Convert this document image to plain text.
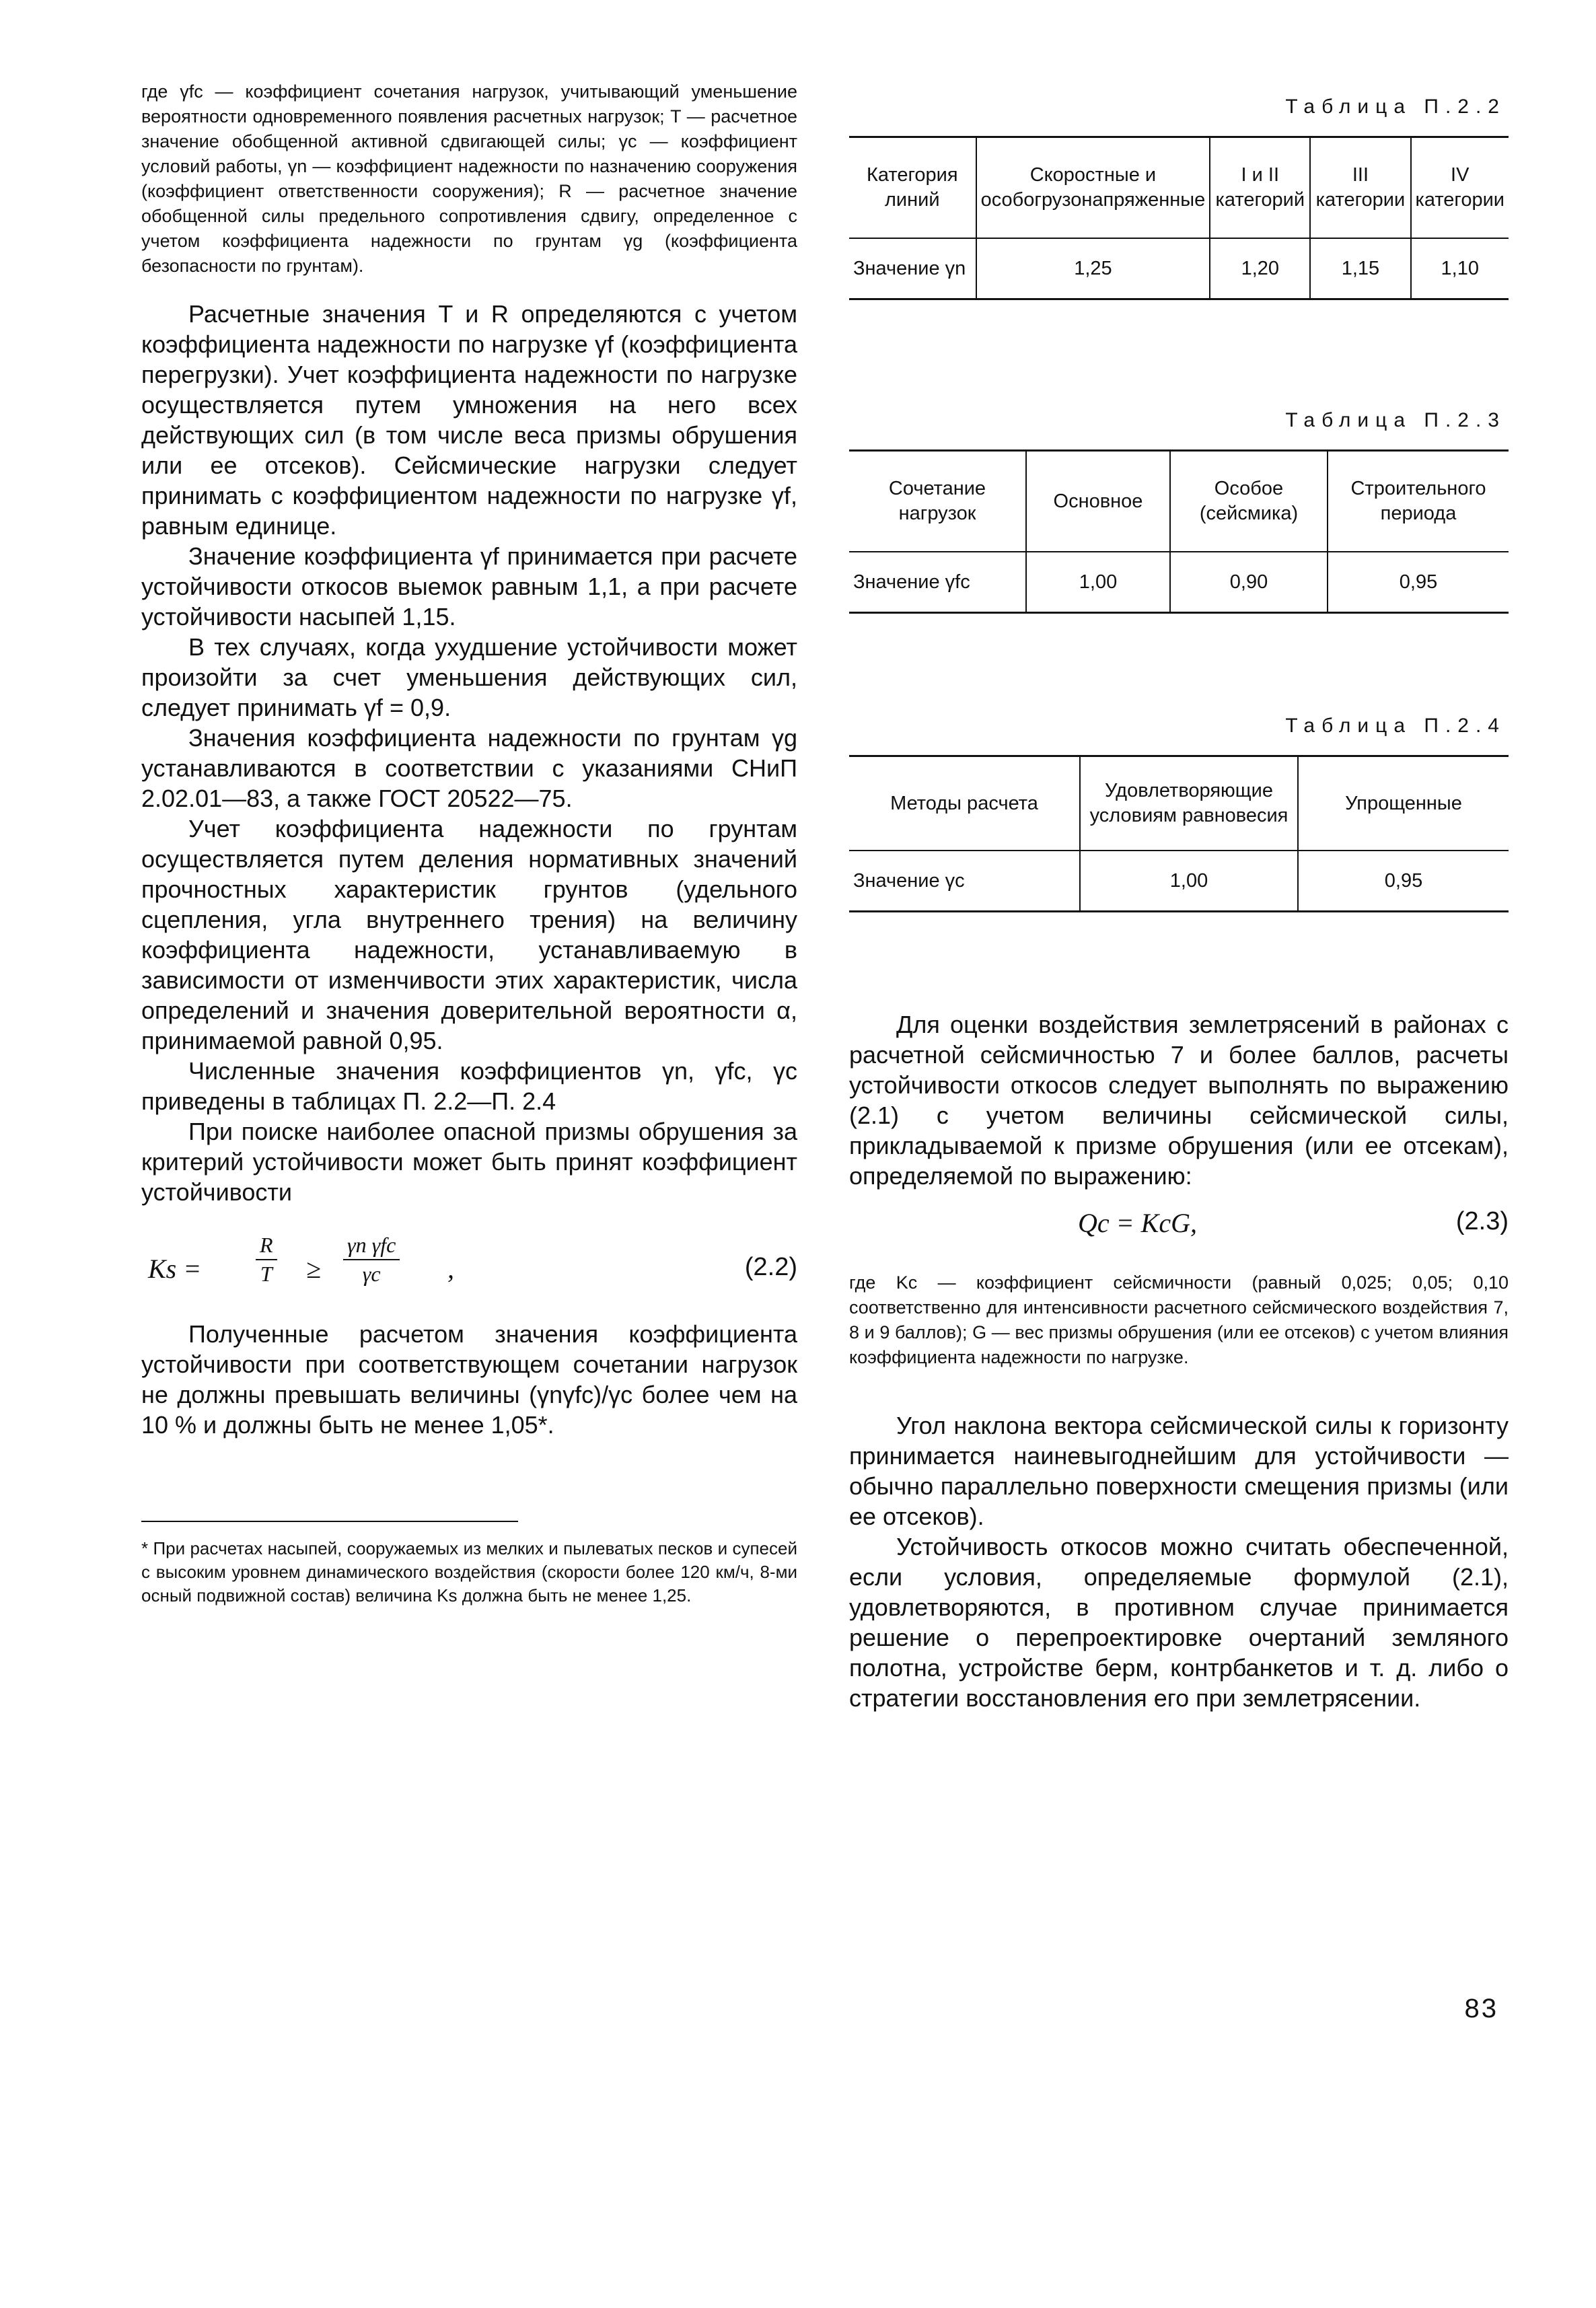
где γfc — коэффициент сочетания нагрузок, учитывающий уменьшение вероятности одновременного появления расчетных нагрузок; T — расчетное значение обобщенной активной сдвигающей силы; γc — коэффициент условий работы, γn — коэффициент надежности по назначению сооружения (коэффициент ответственности сооружения); R — расчетное значение обобщенной силы предельного сопротивления сдвигу, определенное с учетом коэффициента надежности по грунтам γg (коэффициента безопасности по грунтам).

Расчетные значения T и R определяются с учетом коэффициента надежности по нагрузке γf (коэффициента перегрузки). Учет коэффициента надежности по нагрузке осуществляется путем умножения на него всех действующих сил (в том числе веса призмы обрушения или ее отсеков). Сейсмические нагрузки следует принимать с коэффициентом надежности по нагрузке γf, равным единице.

Значение коэффициента γf принимается при расчете устойчивости откосов выемок равным 1,1, а при расчете устойчивости насыпей 1,15.

В тех случаях, когда ухудшение устойчивости может произойти за счет уменьшения действующих сил, следует принимать γf = 0,9.

Значения коэффициента надежности по грунтам γg устанавливаются в соответствии с указаниями СНиП 2.02.01—83, а также ГОСТ 20522—75.

Учет коэффициента надежности по грунтам осуществляется путем деления нормативных значений прочностных характеристик грунтов (удельного сцепления, угла внутреннего трения) на величину коэффициента надежности, устанавливаемую в зависимости от изменчивости этих характеристик, числа определений и значения доверительной вероятности α, принимаемой равной 0,95.

Численные значения коэффициентов γn, γfc, γc приведены в таблицах П. 2.2—П. 2.4

При поиске наиболее опасной призмы обрушения за критерий устойчивости может быть принят коэффициент устойчивости

Ks =	$\frac{R}{T}$ ≥
γn γfc
γc	,	(2.2)

Полученные расчетом значения коэффициента устойчивости при соответствующем сочетании нагрузок не должны превышать величины (γnγfc)/γc более чем на 10 % и должны быть не менее 1,05*.

* При расчетах насыпей, сооружаемых из мелких и пылеватых песков и супесей с высоким уровнем динамического воздействия (скорости более 120 км/ч, 8-ми осный подвижной состав) величина Ks должна быть не менее 1,25.

Таблица П.2.2

Категория линий	Скоростные и особогрузонапряженные	I и II категорий	III категории	IV категории
Значение γn	1,25	1,20	1,15	1,10

Таблица П.2.3

Сочетание нагрузок	Основное	Особое (сейсмика)	Строительного периода
Значение γfc	1,00	0,90	0,95

Таблица П.2.4

Методы расчета	Удовлетворяющие условиям равновесия	Упрощенные
Значение γc	1,00	0,95

Для оценки воздействия землетрясений в районах с расчетной сейсмичностью 7 и более баллов, расчеты устойчивости откосов следует выполнять по выражению (2.1) с учетом величины сейсмической силы, прикладываемой к призме обрушения (или ее отсекам), определяемой по выражению:

Qc = KcG,	(2.3)

где Kc — коэффициент сейсмичности (равный 0,025; 0,05; 0,10 соответственно для интенсивности расчетного сейсмического воздействия 7, 8 и 9 баллов); G — вес призмы обрушения (или ее отсеков) с учетом влияния коэффициента надежности по нагрузке.

Угол наклона вектора сейсмической силы к горизонту принимается наиневыгоднейшим для устойчивости — обычно параллельно поверхности смещения призмы (или ее отсеков).

Устойчивость откосов можно считать обеспеченной, если условия, определяемые формулой (2.1), удовлетворяются, в противном случае принимается решение о перепроектировке очертаний земляного полотна, устройстве берм, контрбанкетов и т. д. либо о стратегии восстановления его при землетрясении.

83
